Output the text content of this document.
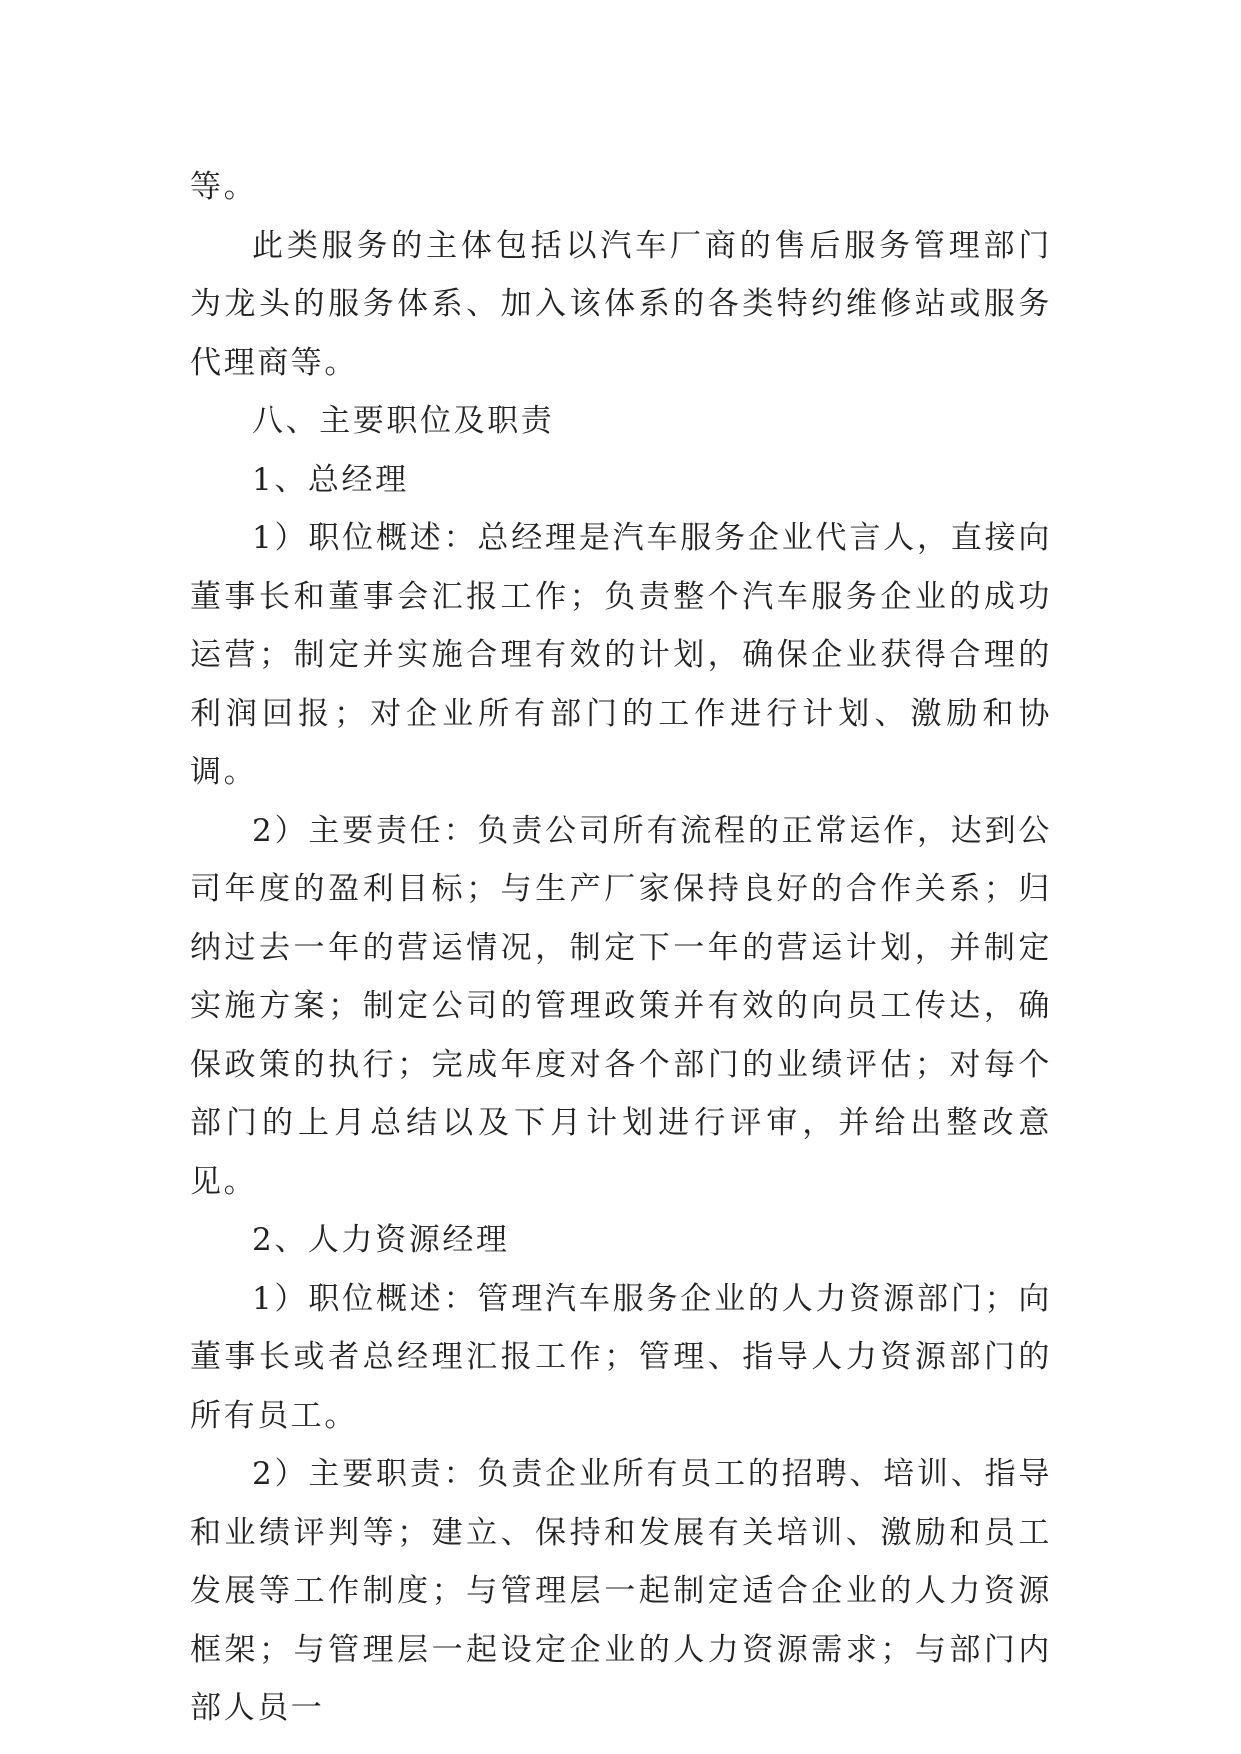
等。

此类服务的主体包括以汽车厂商的售后服务管理部门为龙头的服务体系、加入该体系的各类特约维修站或服务代理商等。

八、主要职位及职责

1、总经理

1）职位概述：总经理是汽车服务企业代言人，直接向董事长和董事会汇报工作；负责整个汽车服务企业的成功运营；制定并实施合理有效的计划，确保企业获得合理的利润回报；对企业所有部门的工作进行计划、激励和协调。

2）主要责任：负责公司所有流程的正常运作，达到公司年度的盈利目标；与生产厂家保持良好的合作关系；归纳过去一年的营运情况，制定下一年的营运计划，并制定实施方案；制定公司的管理政策并有效的向员工传达，确保政策的执行；完成年度对各个部门的业绩评估；对每个部门的上月总结以及下月计划进行评审，并给出整改意见。

2、人力资源经理

1）职位概述：管理汽车服务企业的人力资源部门；向董事长或者总经理汇报工作；管理、指导人力资源部门的所有员工。

2）主要职责：负责企业所有员工的招聘、培训、指导和业绩评判等；建立、保持和发展有关培训、激励和员工发展等工作制度；与管理层一起制定适合企业的人力资源框架；与管理层一起设定企业的人力资源需求；与部门内部人员一
